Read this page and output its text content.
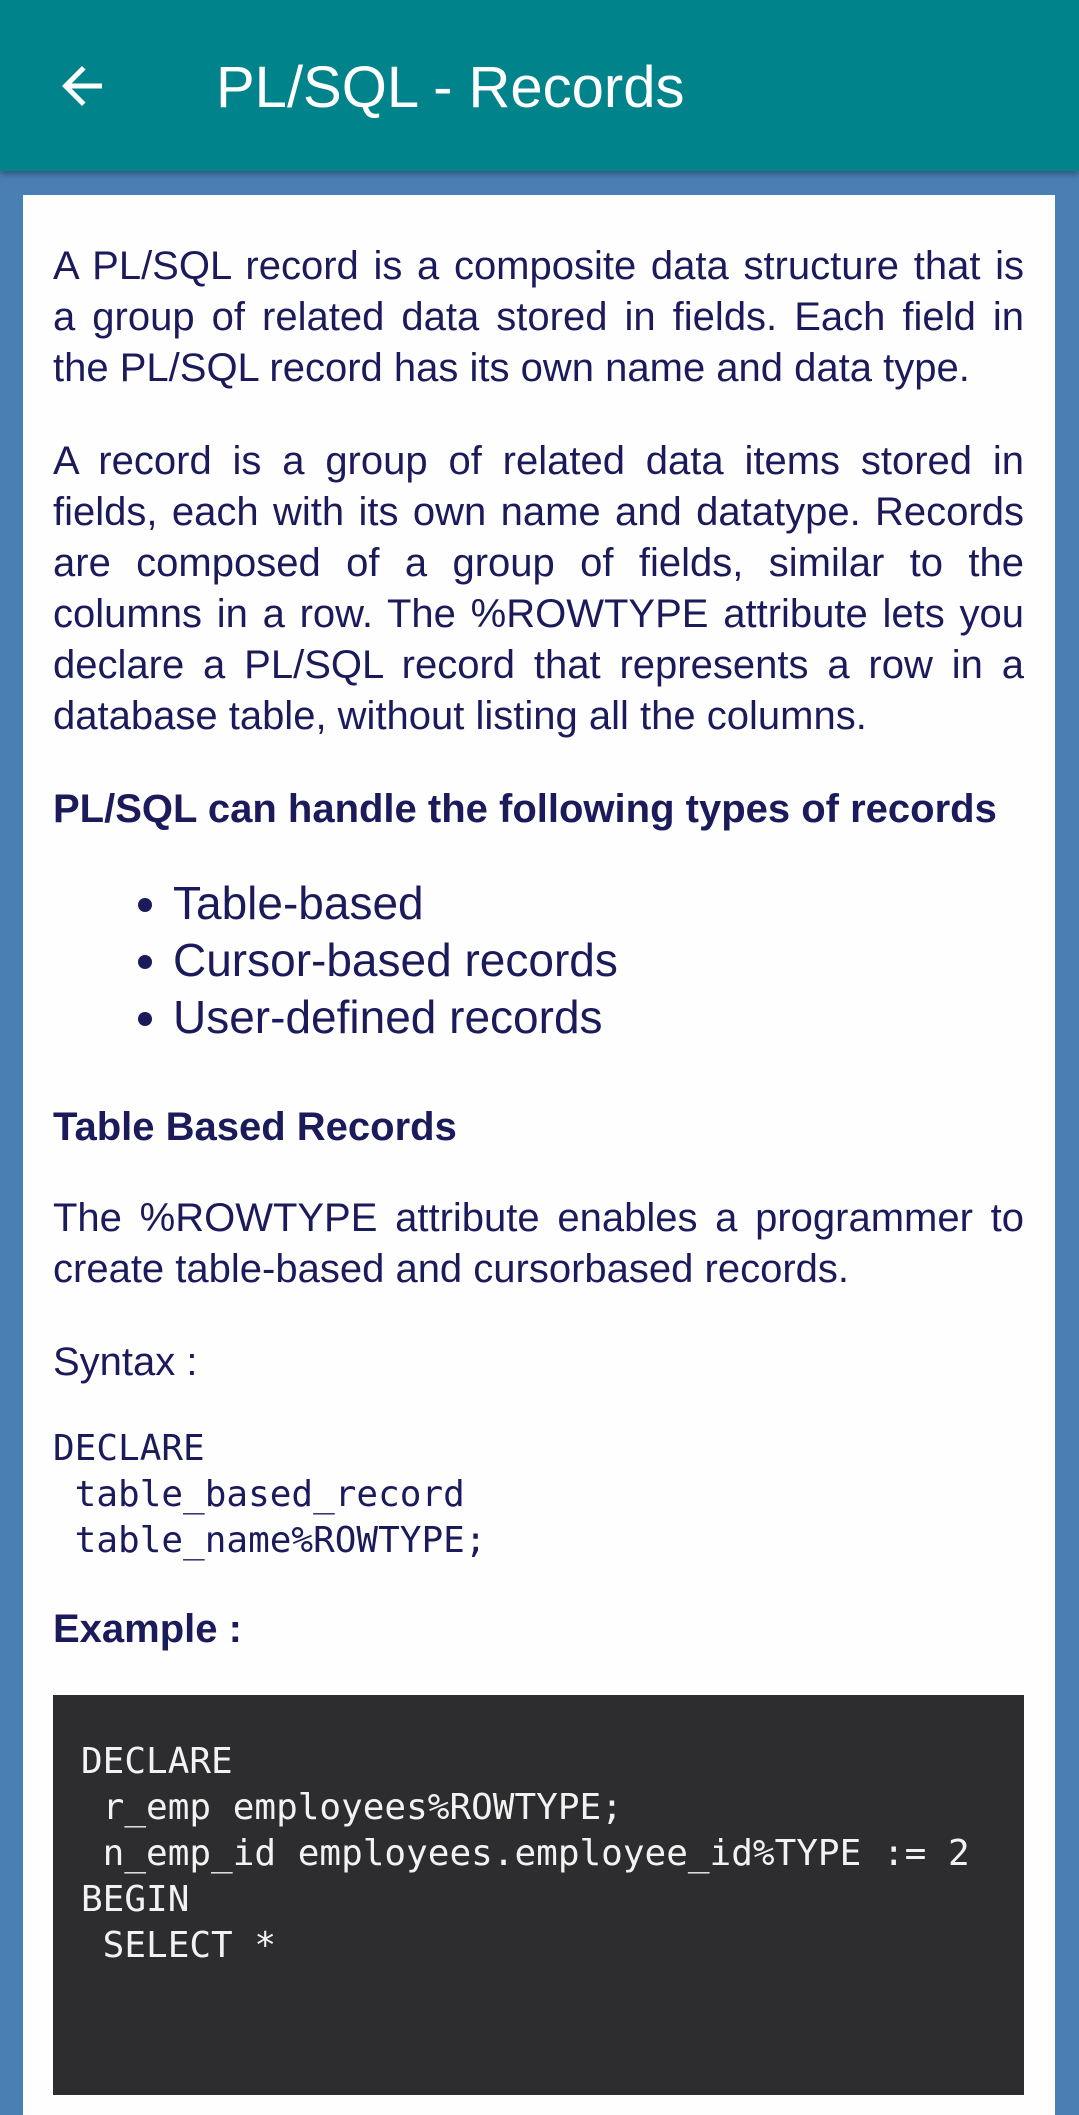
PL/SQL - Records

A PL/SQL record is a composite data structure that is a group of related data stored in fields. Each field in the PL/SQL record has its own name and data type.

A record is a group of related data items stored in fields, each with its own name and datatype. Records are composed of a group of fields, similar to the columns in a row. The %ROWTYPE attribute lets you declare a PL/SQL record that represents a row in a database table, without listing all the columns.

PL/SQL can handle the following types of records
• Table-based
• Cursor-based records
• User-defined records
Table Based Records

The %ROWTYPE attribute enables a programmer to create table-based and cursorbased records.

Syntax :
DECLARE
table_based_record
table_name%ROWTYPE;
Example :
DECLARE
r_emp employees%ROWTYPE;
n_emp_id employees.employee_id%TYPE := 2
BEGIN
SELECT *
